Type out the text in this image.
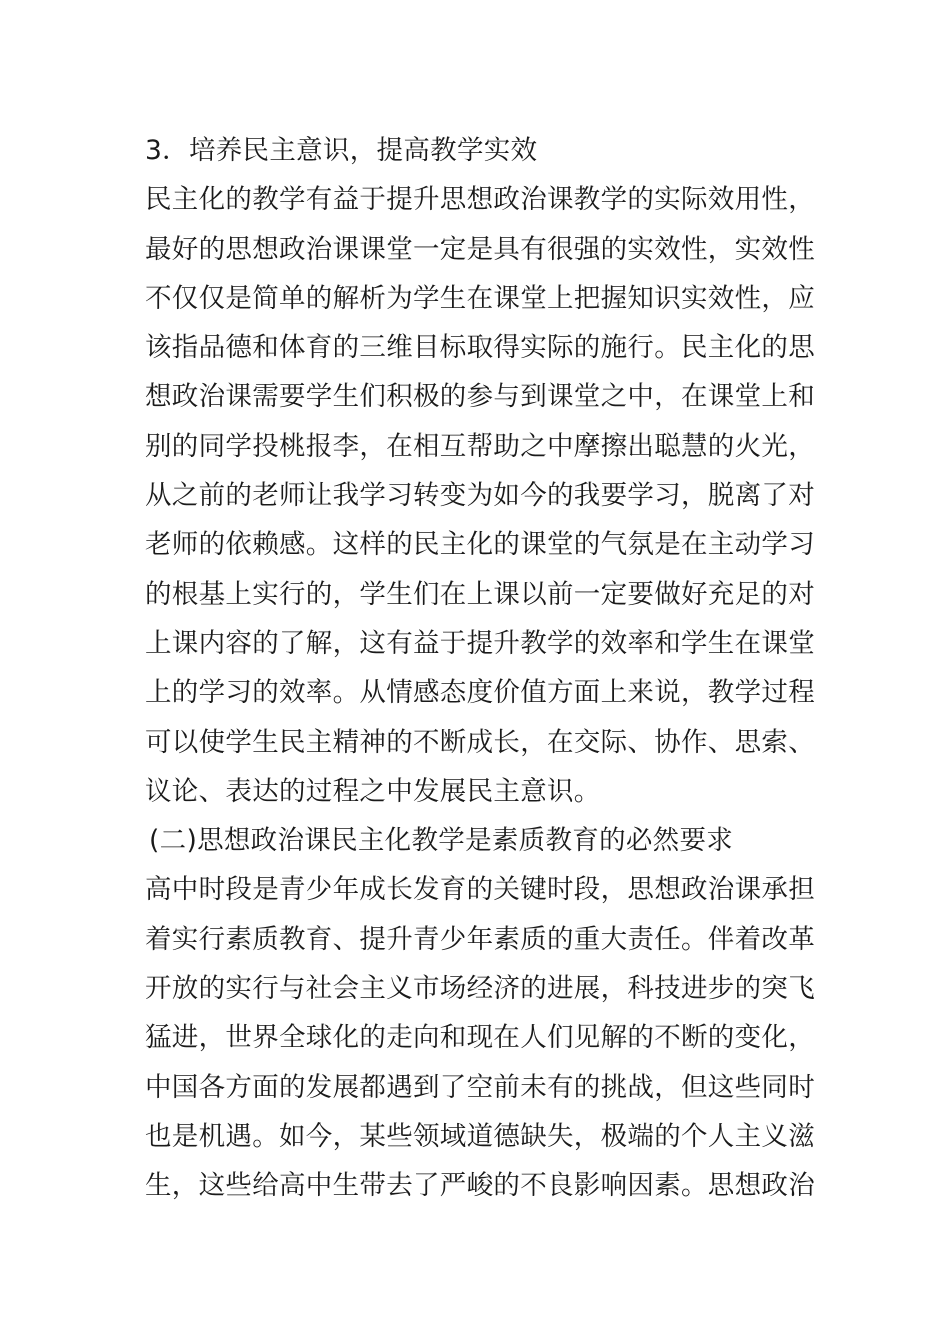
3．培养民主意识，提高教学实效
民主化的教学有益于提升思想政治课教学的实际效用性，
最好的思想政治课课堂一定是具有很强的实效性，实效性
不仅仅是简单的解析为学生在课堂上把握知识实效性，应
该指品德和体育的三维目标取得实际的施行。民主化的思
想政治课需要学生们积极的参与到课堂之中，在课堂上和
别的同学投桃报李，在相互帮助之中摩擦出聪慧的火光，
从之前的老师让我学习转变为如今的我要学习，脱离了对
老师的依赖感。这样的民主化的课堂的气氛是在主动学习
的根基上实行的，学生们在上课以前一定要做好充足的对
上课内容的了解，这有益于提升教学的效率和学生在课堂
上的学习的效率。从情感态度价值方面上来说，教学过程
可以使学生民主精神的不断成长，在交际、协作、思索、
议论、表达的过程之中发展民主意识。
(二)思想政治课民主化教学是素质教育的必然要求
高中时段是青少年成长发育的关键时段，思想政治课承担
着实行素质教育、提升青少年素质的重大责任。伴着改革
开放的实行与社会主义市场经济的进展，科技进步的突飞
猛进，世界全球化的走向和现在人们见解的不断的变化，
中国各方面的发展都遇到了空前未有的挑战，但这些同时
也是机遇。如今，某些领域道德缺失，极端的个人主义滋
生，这些给高中生带去了严峻的不良影响因素。思想政治
